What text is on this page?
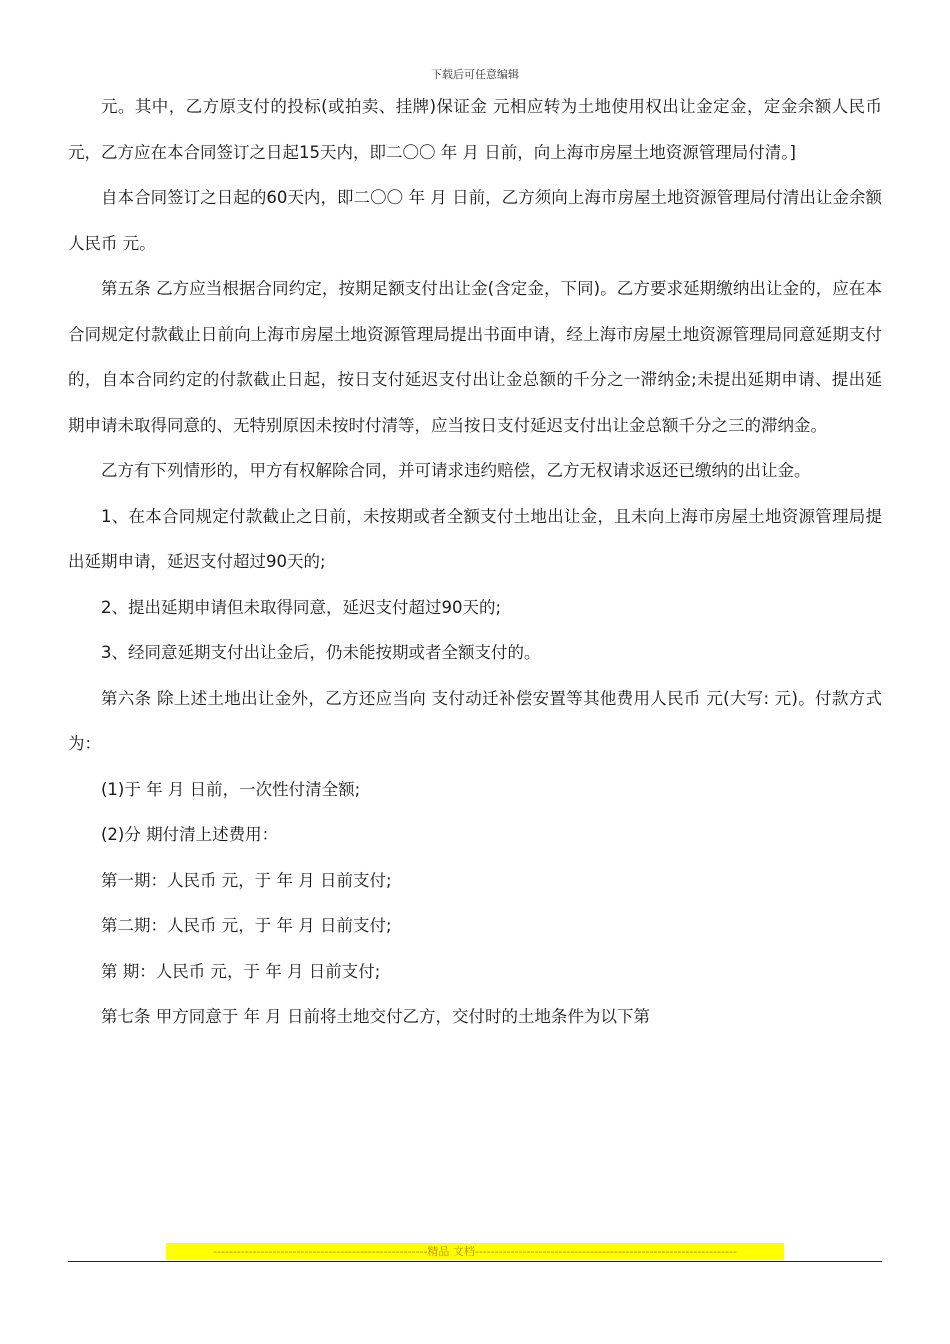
下载后可任意编辑

元。其中，乙方原支付的投标(或拍卖、挂牌)保证金 元相应转为土地使用权出让金定金，定金余额人民币 元，乙方应在本合同签订之日起15天内，即二〇〇 年 月 日前，向上海市房屋土地资源管理局付清。]

自本合同签订之日起的60天内，即二〇〇 年 月 日前，乙方须向上海市房屋土地资源管理局付清出让金余额人民币 元。

第五条 乙方应当根据合同约定，按期足额支付出让金(含定金，下同)。乙方要求延期缴纳出让金的，应在本合同规定付款截止日前向上海市房屋土地资源管理局提出书面申请，经上海市房屋土地资源管理局同意延期支付的，自本合同约定的付款截止日起，按日支付延迟支付出让金总额的千分之一滞纳金;未提出延期申请、提出延期申请未取得同意的、无特别原因未按时付清等，应当按日支付延迟支付出让金总额千分之三的滞纳金。

乙方有下列情形的，甲方有权解除合同，并可请求违约赔偿，乙方无权请求返还已缴纳的出让金。

1、在本合同规定付款截止之日前，未按期或者全额支付土地出让金，且未向上海市房屋土地资源管理局提出延期申请，延迟支付超过90天的;

2、提出延期申请但未取得同意，延迟支付超过90天的;

3、经同意延期支付出让金后，仍未能按期或者全额支付的。

第六条 除上述土地出让金外，乙方还应当向 支付动迁补偿安置等其他费用人民币 元(大写: 元)。付款方式为：

(1)于 年 月 日前，一次性付清全额;

(2)分 期付清上述费用：

第一期：人民币 元，于 年 月 日前支付;

第二期：人民币 元，于 年 月 日前支付;

第 期：人民币 元，于 年 月 日前支付;

第七条 甲方同意于 年 月 日前将土地交付乙方，交付时的土地条件为以下第

------------------------------------------------------精品 文档------------------------------------------------------------------
